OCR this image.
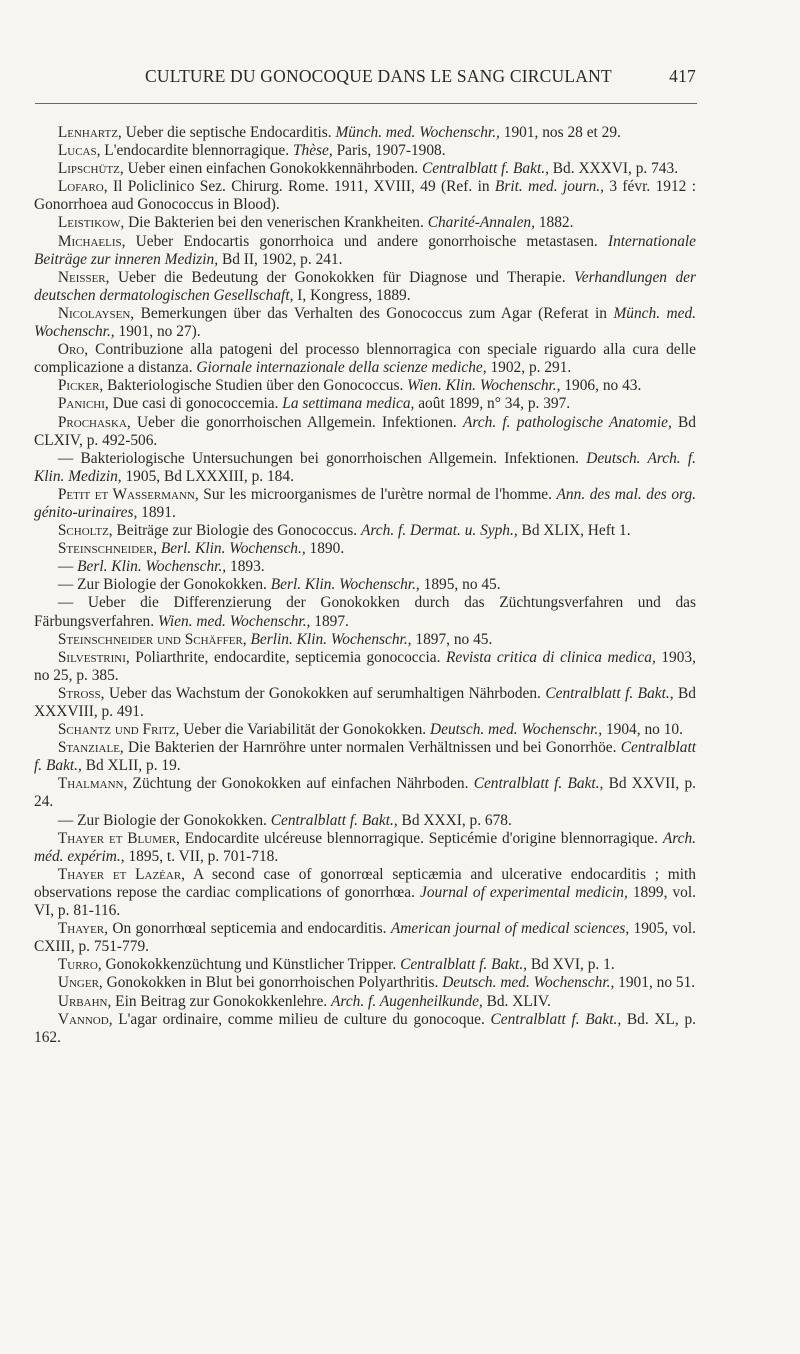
CULTURE DU GONOCOQUE DANS LE SANG CIRCULANT	417

Lenhartz, Ueber die septische Endocarditis. Münch. med. Wochenschr., 1901, nos 28 et 29.

Lucas, L'endocardite blennorragique. Thèse, Paris, 1907-1908.

Lipschütz, Ueber einen einfachen Gonokokkennährboden. Centralblatt f. Bakt., Bd. XXXVI, p. 743.

Lofaro, Il Policlinico Sez. Chirurg. Rome. 1911, XVIII, 49 (Ref. in Brit. med. journ., 3 févr. 1912 : Gonorrhoea aud Gonococcus in Blood).

Leistikow, Die Bakterien bei den venerischen Krankheiten. Charité-Annalen, 1882.

Michaelis, Ueber Endocartis gonorrhoica und andere gonorrhoische metastasen. Internationale Beiträge zur inneren Medizin, Bd II, 1902, p. 241.

Neisser, Ueber die Bedeutung der Gonokokken für Diagnose und Therapie. Verhandlungen der deutschen dermatologischen Gesellschaft, I, Kongress, 1889.

Nicolaysen, Bemerkungen über das Verhalten des Gonococcus zum Agar (Referat in Münch. med. Wochenschr., 1901, no 27).

Oro, Contribuzione alla patogeni del processo blennorragica con speciale riguardo alla cura delle complicazione a distanza. Giornale internazionale della scienze mediche, 1902, p. 291.

Picker, Bakteriologische Studien über den Gonococcus. Wien. Klin. Wochenschr., 1906, no 43.

Panichi, Due casi di gonococcemia. La settimana medica, août 1899, n° 34, p. 397.

Prochaska, Ueber die gonorrhoischen Allgemein. Infektionen. Arch. f. pathologische Anatomie, Bd CLXIV, p. 492-506.

— Bakteriologische Untersuchungen bei gonorrhoischen Allgemein. Infektionen. Deutsch. Arch. f. Klin. Medizin, 1905, Bd LXXXIII, p. 184.

Petit et Wassermann, Sur les microorganismes de l'urètre normal de l'homme. Ann. des mal. des org. génito-urinaires, 1891.

Scholtz, Beiträge zur Biologie des Gonococcus. Arch. f. Dermat. u. Syph., Bd XLIX, Heft 1.

Steinschneider, Berl. Klin. Wochensch., 1890.

— Berl. Klin. Wochenschr., 1893.

— Zur Biologie der Gonokokken. Berl. Klin. Wochenschr., 1895, no 45.

— Ueber die Differenzierung der Gonokokken durch das Züchtungsverfahren und das Färbungsverfahren. Wien. med. Wochenschr., 1897.

Steinschneider und Schäffer, Berlin. Klin. Wochenschr., 1897, no 45.

Silvestrini, Poliarthrite, endocardite, septicemia gonococcia. Revista critica di clinica medica, 1903, no 25, p. 385.

Stross, Ueber das Wachstum der Gonokokken auf serumhaltigen Nährboden. Centralblatt f. Bakt., Bd XXXVIII, p. 491.

Schantz und Fritz, Ueber die Variabilität der Gonokokken. Deutsch. med. Wochenschr., 1904, no 10.

Stanziale, Die Bakterien der Harnröhre unter normalen Verhältnissen und bei Gonorrhöe. Centralblatt f. Bakt., Bd XLII, p. 19.

Thalmann, Züchtung der Gonokokken auf einfachen Nährboden. Centralblatt f. Bakt., Bd XXVII, p. 24.

— Zur Biologie der Gonokokken. Centralblatt f. Bakt., Bd XXXI, p. 678.

Thayer et Blumer, Endocardite ulcéreuse blennorragique. Septicémie d'origine blennorragique. Arch. méd. expérim., 1895, t. VII, p. 701-718.

Thayer et Lazéar, A second case of gonorrœal septicæmia and ulcerative endocarditis ; mith observations repose the cardiac complications of gonorrhœa. Journal of experimental medicin, 1899, vol. VI, p. 81-116.

Thayer, On gonorrhœal septicemia and endocarditis. American journal of medical sciences, 1905, vol. CXIII, p. 751-779.

Turro, Gonokokkenzüchtung und Künstlicher Tripper. Centralblatt f. Bakt., Bd XVI, p. 1.

Unger, Gonokokken in Blut bei gonorrhoischen Polyarthritis. Deutsch. med. Wochenschr., 1901, no 51.

Urbahn, Ein Beitrag zur Gonokokkenlehre. Arch. f. Augenheilkunde, Bd. XLIV.

Vannod, L'agar ordinaire, comme milieu de culture du gonocoque. Centralblatt f. Bakt., Bd. XL, p. 162.
